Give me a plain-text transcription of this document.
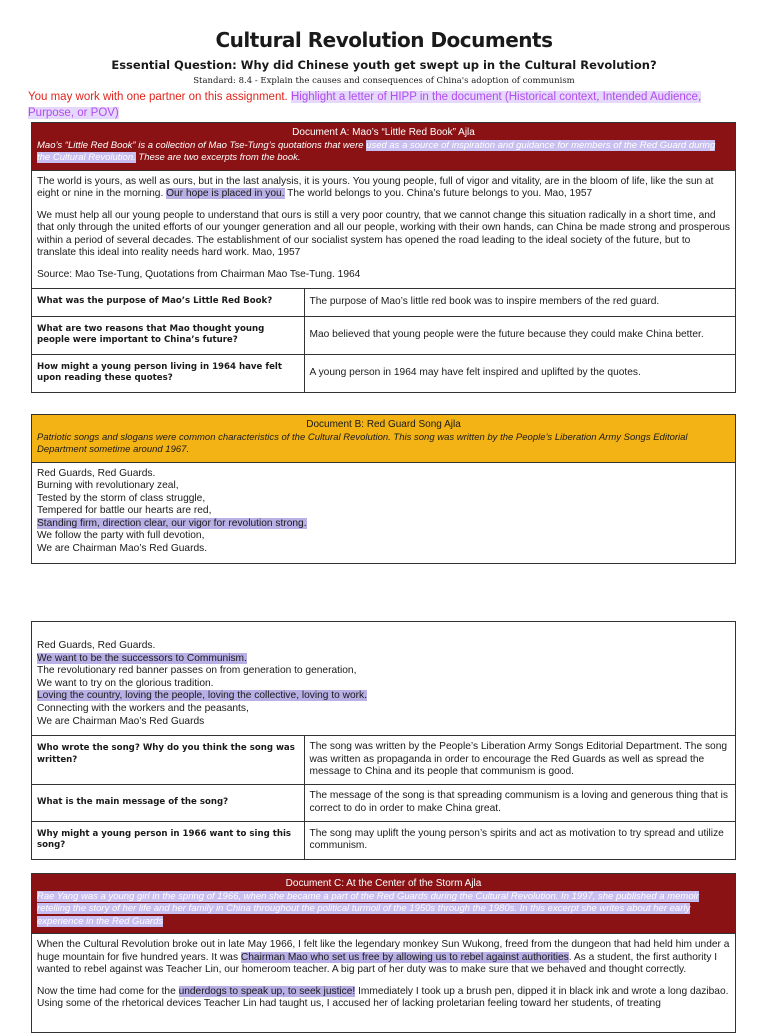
Cultural Revolution Documents
Essential Question: Why did Chinese youth get swept up in the Cultural Revolution?
Standard: 8.4 - Explain the causes and consequences of China's adoption of communism
You may work with one partner on this assignment. Highlight a letter of HIPP in the document (Historical context, Intended Audience, Purpose, or POV)
Document A: Mao’s “Little Red Book” Ajla
Mao’s “Little Red Book” is a collection of Mao Tse-Tung’s quotations that were used as a source of inspiration and guidance for members of the Red Guard during the Cultural Revolution. These are two excerpts from the book.

The world is yours, as well as ours, but in the last analysis, it is yours. You young people, full of vigor and vitality, are in the bloom of life, like the sun at eight or nine in the morning. Our hope is placed in you. The world belongs to you. China’s future belongs to you. Mao, 1957

We must help all our young people to understand that ours is still a very poor country, that we cannot change this situation radically in a short time, and that only through the united efforts of our younger generation and all our people, working with their own hands, can China be made strong and prosperous within a period of several decades. The establishment of our socialist system has opened the road leading to the ideal society of the future, but to translate this ideal into reality needs hard work. Mao, 1957

Source: Mao Tse-Tung, Quotations from Chairman Mao Tse-Tung. 1964

What was the purpose of Mao’s Little Red Book?	The purpose of Mao’s little red book was to inspire members of the red guard.
What are two reasons that Mao thought young people were important to China’s future?	Mao believed that young people were the future because they could make China better.
How might a young person living in 1964 have felt upon reading these quotes?	A young person in 1964 may have felt inspired and uplifted by the quotes.
Document B: Red Guard Song Ajla
Patriotic songs and slogans were common characteristics of the Cultural Revolution. This song was written by the People’s Liberation Army Songs Editorial Department sometime around 1967.
Red Guards, Red Guards.
Burning with revolutionary zeal,
Tested by the storm of class struggle,
Tempered for battle our hearts are red,
Standing firm, direction clear, our vigor for revolution strong.
We follow the party with full devotion,
We are Chairman Mao’s Red Guards.
Red Guards, Red Guards.
We want to be the successors to Communism.
The revolutionary red banner passes on from generation to generation,
We want to try on the glorious tradition.
Loving the country, loving the people, loving the collective, loving to work.
Connecting with the workers and the peasants,
We are Chairman Mao’s Red Guards
Who wrote the song? Why do you think the song was written?	The song was written by the People’s Liberation Army Songs Editorial Department. The song was written as propaganda in order to encourage the Red Guards as well as spread the message to China and its people that communism is good.
What is the main message of the song?	The message of the song is that spreading communism is a loving and generous thing that is correct to do in order to make China great.
Why might a young person in 1966 want to sing this song?	The song may uplift the young person’s spirits and act as motivation to try spread and utilize communism.
Document C: At the Center of the Storm Ajla
Rae Yang was a young girl in the spring of 1966, when she became a part of the Red Guards during the Cultural Revolution. In 1997, she published a memoir retelling the story of her life and her family in China throughout the political turmoil of the 1950s through the 1980s. In this excerpt she writes about her early experience in the Red Guards

When the Cultural Revolution broke out in late May 1966, I felt like the legendary monkey Sun Wukong, freed from the dungeon that had held him under a huge mountain for five hundred years. It was Chairman Mao who set us free by allowing us to rebel against authorities. As a student, the first authority I wanted to rebel against was Teacher Lin, our homeroom teacher. A big part of her duty was to make sure that we behaved and thought correctly.

Now the time had come for the underdogs to speak up, to seek justice! Immediately I took up a brush pen, dipped it in black ink and wrote a long dazibao. Using some of the rhetorical devices Teacher Lin had taught us, I accused her of lacking proletarian feeling toward her students, of treating
